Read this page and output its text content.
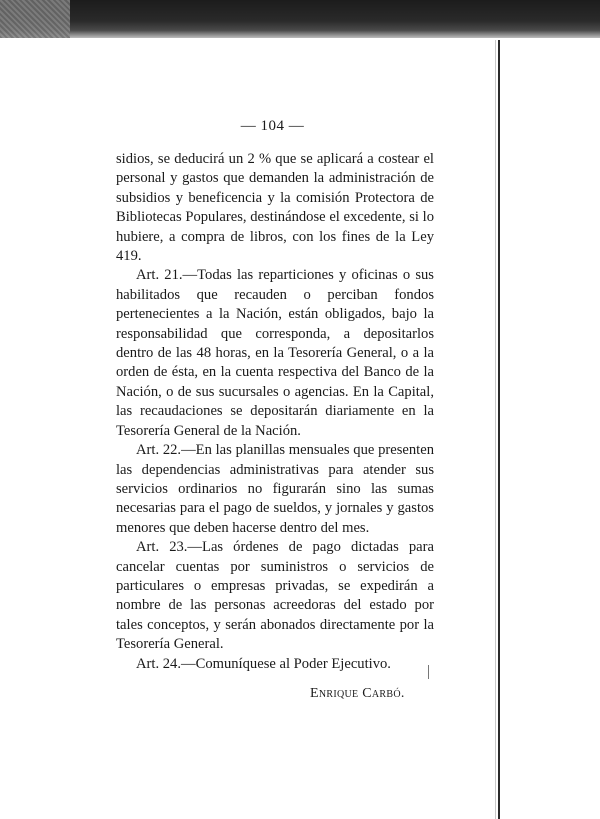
— 104 —

sidios, se deducirá un 2 % que se aplicará a costear el personal y gastos que demanden la administración de subsidios y beneficencia y la comisión Protectora de Bibliotecas Populares, destinándose el excedente, si lo hubiere, a compra de libros, con los fines de la Ley 419.

Art. 21.—Todas las reparticiones y oficinas o sus habilitados que recauden o perciban fondos pertenecientes a la Nación, están obligados, bajo la responsabilidad que corresponda, a depositarlos dentro de las 48 horas, en la Tesorería General, o a la orden de ésta, en la cuenta respectiva del Banco de la Nación, o de sus sucursales o agencias. En la Capital, las recaudaciones se depositarán diariamente en la Tesorería General de la Nación.

Art. 22.—En las planillas mensuales que presenten las dependencias administrativas para atender sus servicios ordinarios no figurarán sino las sumas necesarias para el pago de sueldos, y jornales y gastos menores que deben hacerse dentro del mes.

Art. 23.—Las órdenes de pago dictadas para cancelar cuentas por suministros o servicios de particulares o empresas privadas, se expedirán a nombre de las personas acreedoras del estado por tales conceptos, y serán abonados directamente por la Tesorería General.

Art. 24.—Comuníquese al Poder Ejecutivo.

Enrique Carbó.
